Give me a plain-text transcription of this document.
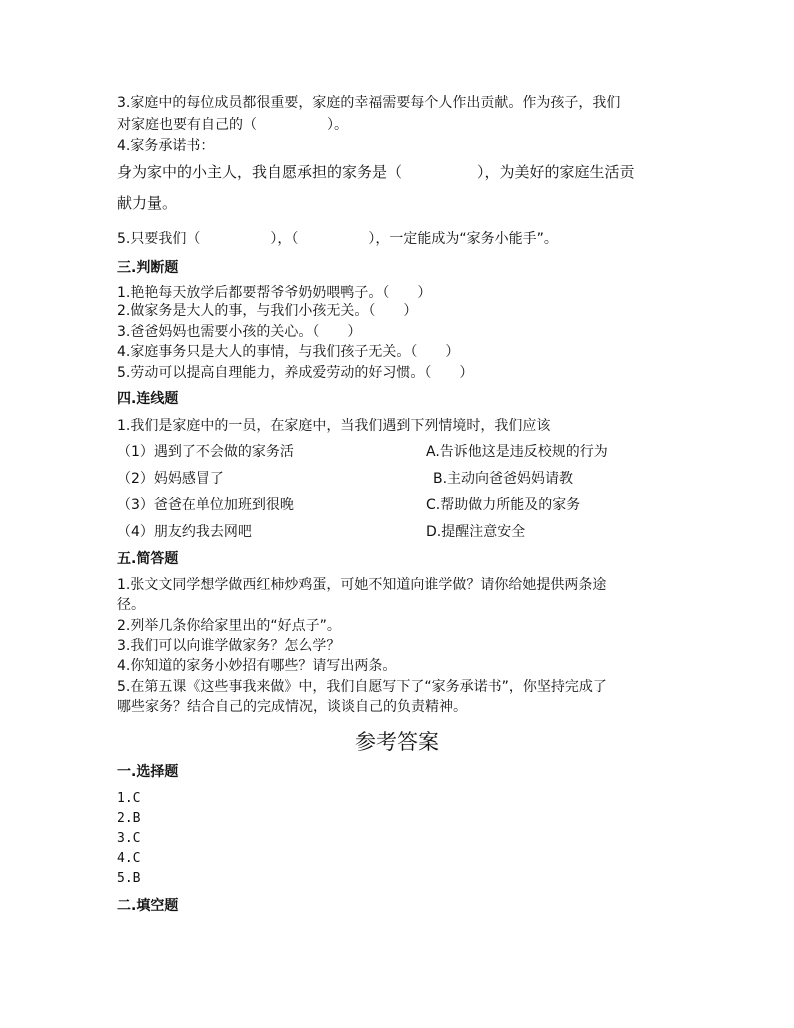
3.家庭中的每位成员都很重要，家庭的幸福需要每个人作出贡献。作为孩子，我们
对家庭也要有自己的（　　　　　）。
4.家务承诺书：
身为家中的小主人，我自愿承担的家务是（　　　　　），为美好的家庭生活贡
献力量。
5.只要我们（　　　　　），（　　　　　），一定能成为“家务小能手”。
三.判断题
1.艳艳每天放学后都要帮爷爷奶奶喂鸭子。（　　）
2.做家务是大人的事，与我们小孩无关。（　　）
3.爸爸妈妈也需要小孩的关心。（　　）
4.家庭事务只是大人的事情，与我们孩子无关。（　　）
5.劳动可以提高自理能力，养成爱劳动的好习惯。（　　）
四.连线题
1.我们是家庭中的一员，在家庭中，当我们遇到下列情境时，我们应该
（1）遇到了不会做的家务活	A.告诉他这是违反校规的行为
（2）妈妈感冒了	B.主动向爸爸妈妈请教
（3）爸爸在单位加班到很晚	C.帮助做力所能及的家务
（4）朋友约我去网吧	D.提醒注意安全
五.简答题
1.张文文同学想学做西红柿炒鸡蛋，可她不知道向谁学做？请你给她提供两条途
径。
2.列举几条你给家里出的“好点子”。
3.我们可以向谁学做家务？怎么学？
4.你知道的家务小妙招有哪些？请写出两条。
5.在第五课《这些事我来做》中，我们自愿写下了“家务承诺书”，你坚持完成了
哪些家务？结合自己的完成情况，谈谈自己的负责精神。
参考答案
一.选择题
1.C
2.B
3.C
4.C
5.B
二.填空题
